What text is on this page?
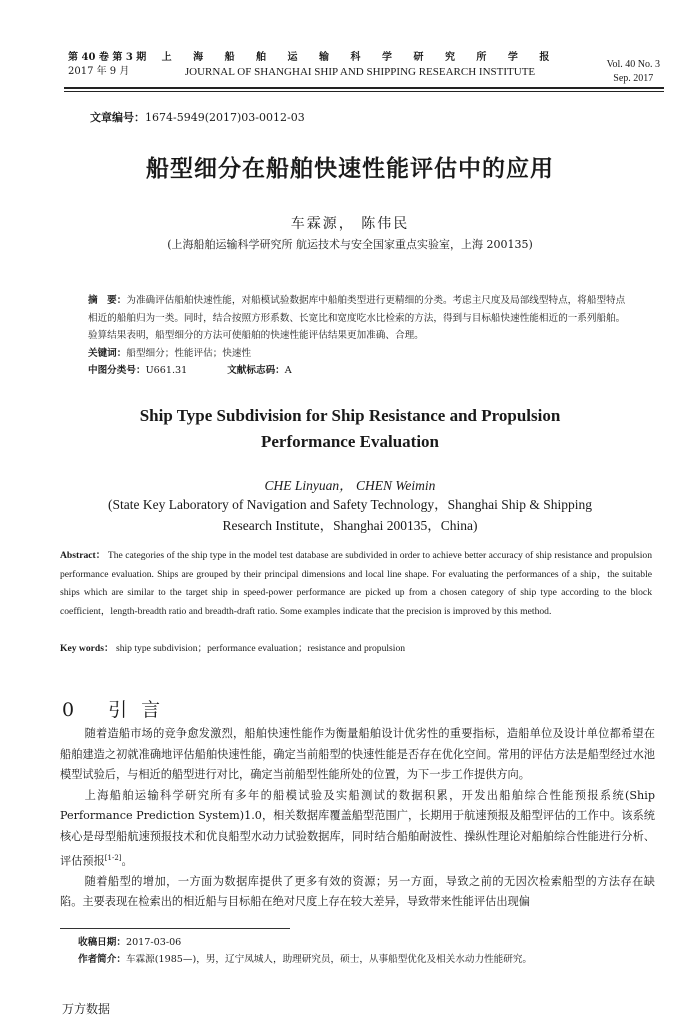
第 40 卷 第 3 期
2017 年 9 月
上 海 船 舶 运 输 科 学 研 究 所 学 报
JOURNAL OF SHANGHAI SHIP AND SHIPPING RESEARCH INSTITUTE
Vol. 40 No. 3
Sep. 2017
文章编号：1674-5949(2017)03-0012-03
船型细分在船舶快速性能评估中的应用
车霖源， 陈伟民
(上海船舶运输科学研究所 航运技术与安全国家重点实验室，上海 200135)
摘　要：为准确评估船舶快速性能，对船模试验数据库中船舶类型进行更精细的分类。考虑主尺度及局部线型特点，将船型特点相近的船舶归为一类。同时，结合按照方形系数、长宽比和宽度吃水比检索的方法，得到与目标船快速性能相近的一系列船舶。验算结果表明，船型细分的方法可使船舶的快速性能评估结果更加准确、合理。
关键词：船型细分；性能评估；快速性
中图分类号：U661.31	文献标志码：A
Ship Type Subdivision for Ship Resistance and Propulsion
Performance Evaluation
CHE Linyuan， CHEN Weimin
(State Key Laboratory of Navigation and Safety Technology，Shanghai Ship & Shipping
Research Institute，Shanghai 200135，China)
Abstract： The categories of the ship type in the model test database are subdivided in order to achieve better accuracy of ship resistance and propulsion performance evaluation. Ships are grouped by their principal dimensions and local line shape. For evaluating the performances of a ship，the suitable ships which are similar to the target ship in speed-power performance are picked up from a chosen category of ship type according to the block coefficient，length-breadth ratio and breadth-draft ratio. Some examples indicate that the precision is improved by this method.
Key words： ship type subdivision；performance evaluation；resistance and propulsion
0 引言

随着造船市场的竞争愈发激烈，船舶快速性能作为衡量船舶设计优劣性的重要指标，造船单位及设计单位都希望在船舶建造之初就准确地评估船舶快速性能，确定当前船型的快速性能是否存在优化空间。常用的评估方法是船型经过水池模型试验后，与相近的船型进行对比，确定当前船型性能所处的位置，为下一步工作提供方向。

上海船舶运输科学研究所有多年的船模试验及实船测试的数据积累，开发出船舶综合性能预报系统(Ship Performance Prediction System)1.0，相关数据库覆盖船型范围广，长期用于航速预报及船型评估的工作中。该系统核心是母型船航速预报技术和优良船型水动力试验数据库，同时结合船舶耐波性、操纵性理论对船舶综合性能进行分析、评估预报[1-2]。

随着船型的增加，一方面为数据库提供了更多有效的资源；另一方面，导致之前的无因次检索船型的方法存在缺陷。主要表现在检索出的相近船与目标船在绝对尺度上存在较大差异，导致带来性能评估出现偏

收稿日期：2017-03-06
作者简介：车霖源(1985—)，男，辽宁凤城人，助理研究员，硕士，从事船型优化及相关水动力性能研究。
万方数据
